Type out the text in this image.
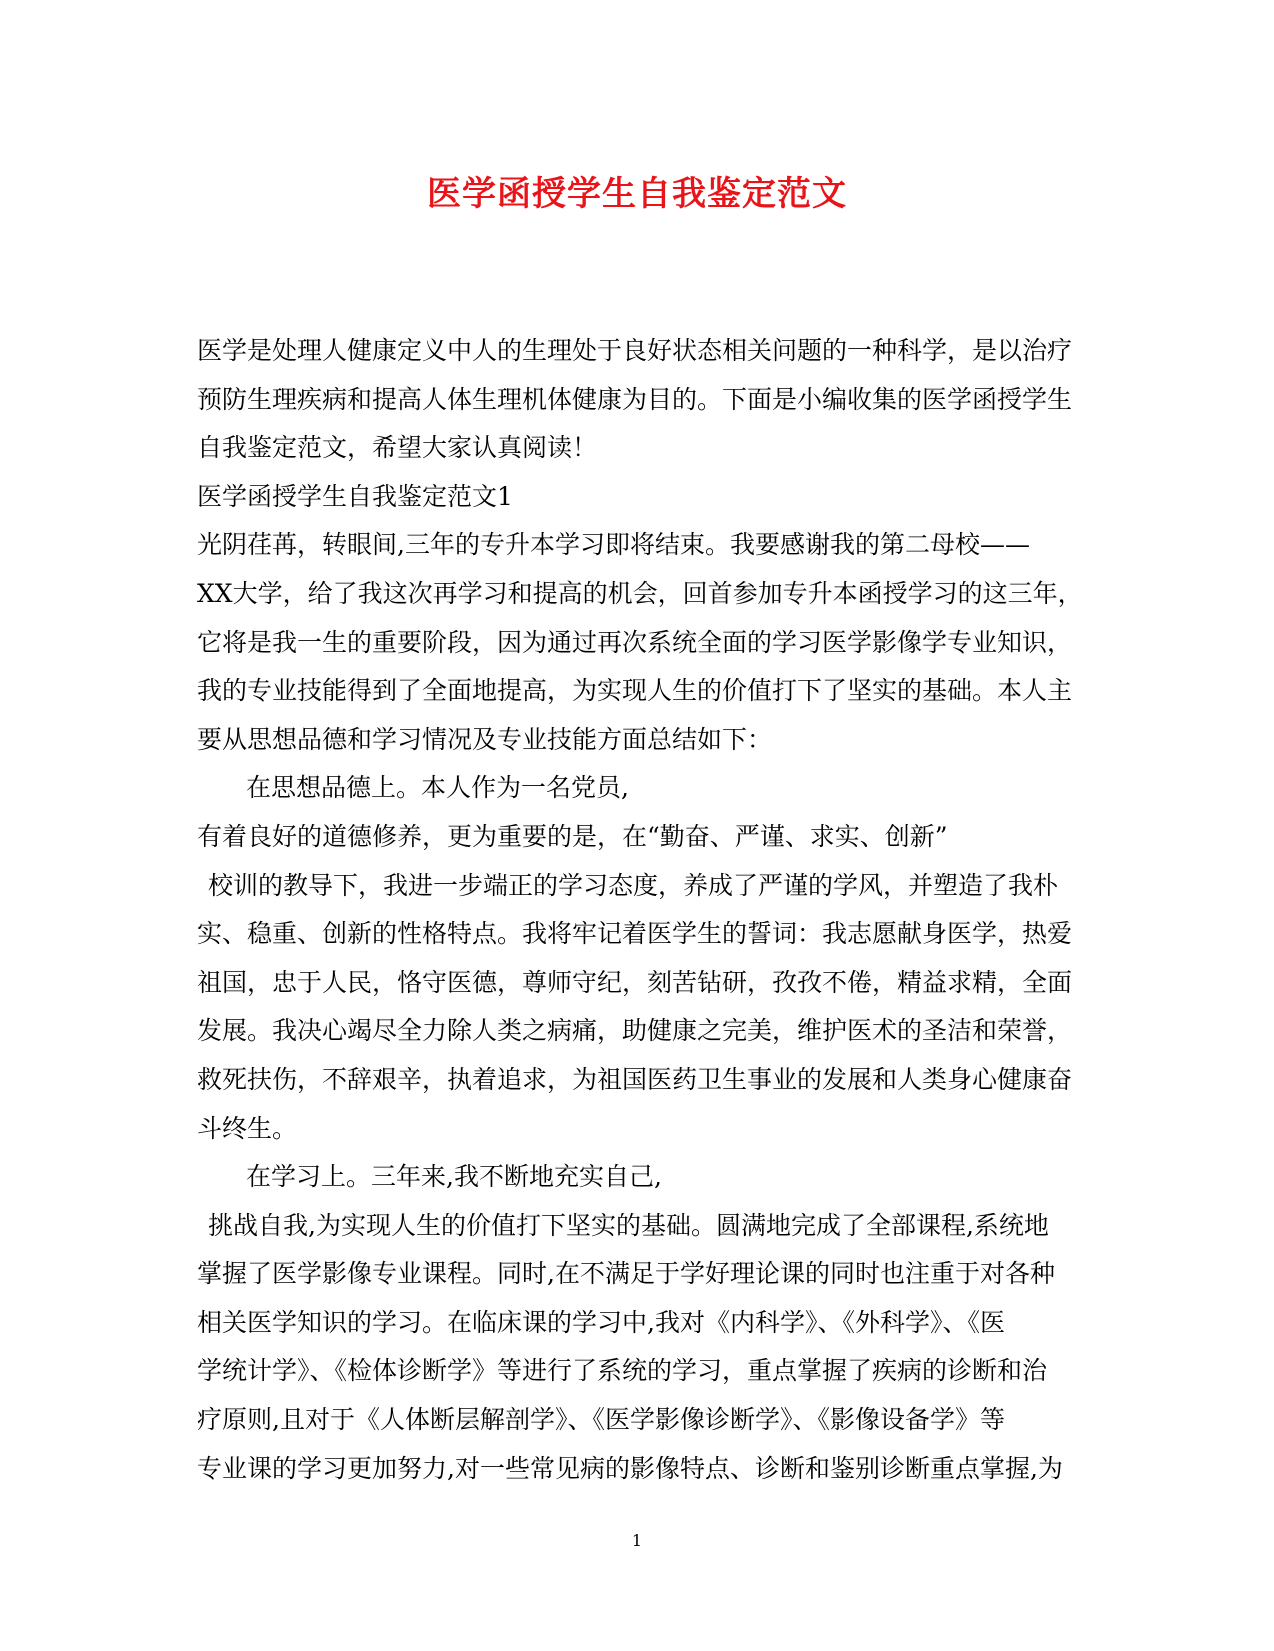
医学函授学生自我鉴定范文
医学是处理人健康定义中人的生理处于良好状态相关问题的一种科学，是以治疗
预防生理疾病和提高人体生理机体健康为目的。下面是小编收集的医学函授学生
自我鉴定范文，希望大家认真阅读！
医学函授学生自我鉴定范文1
光阴荏苒，转眼间,三年的专升本学习即将结束。我要感谢我的第二母校——
XX大学，给了我这次再学习和提高的机会，回首参加专升本函授学习的这三年，
它将是我一生的重要阶段，因为通过再次系统全面的学习医学影像学专业知识，
我的专业技能得到了全面地提高，为实现人生的价值打下了坚实的基础。本人主
要从思想品德和学习情况及专业技能方面总结如下：
在思想品德上。本人作为一名党员,
有着良好的道德修养，更为重要的是，在“勤奋、严谨、求实、创新”
校训的教导下，我进一步端正的学习态度，养成了严谨的学风，并塑造了我朴
实、稳重、创新的性格特点。我将牢记着医学生的誓词：我志愿献身医学，热爱
祖国，忠于人民，恪守医德，尊师守纪，刻苦钻研，孜孜不倦，精益求精，全面
发展。我决心竭尽全力除人类之病痛，助健康之完美，维护医术的圣洁和荣誉，
救死扶伤，不辞艰辛，执着追求，为祖国医药卫生事业的发展和人类身心健康奋
斗终生。
在学习上。三年来,我不断地充实自己,
挑战自我,为实现人生的价值打下坚实的基础。圆满地完成了全部课程,系统地
掌握了医学影像专业课程。同时,在不满足于学好理论课的同时也注重于对各种
相关医学知识的学习。在临床课的学习中,我对《内科学》、《外科学》、《医
学统计学》、《检体诊断学》等进行了系统的学习，重点掌握了疾病的诊断和治
疗原则,且对于《人体断层解剖学》、《医学影像诊断学》、《影像设备学》等
专业课的学习更加努力,对一些常见病的影像特点、诊断和鉴别诊断重点掌握,为
1
